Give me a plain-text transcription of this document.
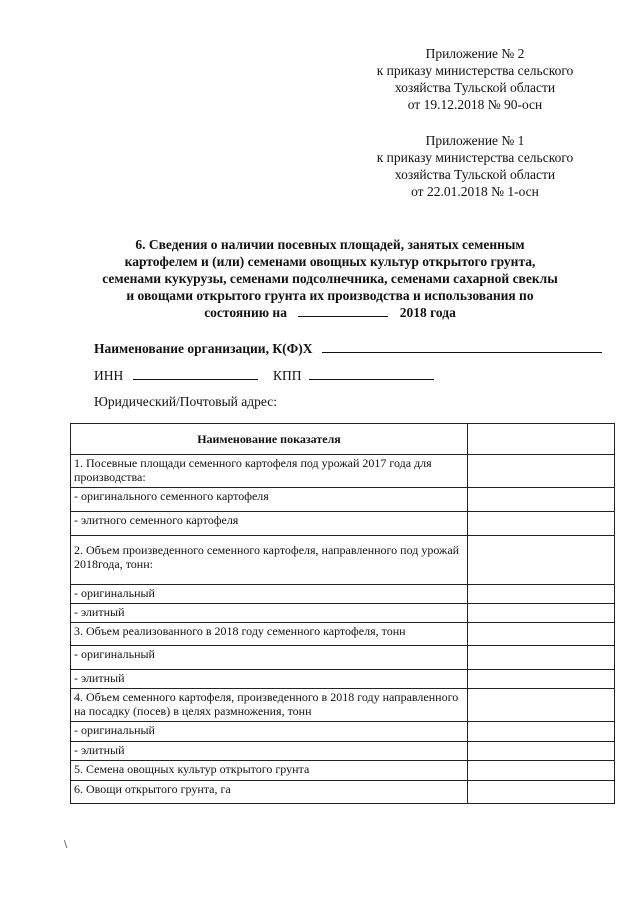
Приложение № 2
к приказу министерства сельского
хозяйства Тульской области
от 19.12.2018 № 90-осн
Приложение № 1
к приказу министерства сельского
хозяйства Тульской области
от 22.01.2018 № 1-осн
6. Сведения о наличии посевных площадей, занятых семенным
картофелем и (или) семенами овощных культур открытого грунта,
семенами кукурузы, семенами подсолнечника, семенами сахарной свеклы
и овощами открытого грунта их производства и использования по
состоянию на	2018 года
Наименование организации, К(Ф)Х
ИНН	КПП
Юридический/Почтовый адрес:
Наименование показателя	
1. Посевные площади семенного картофеля под урожай 2017 года для производства:	
- оригинального семенного картофеля	
- элитного семенного картофеля	
2. Объем произведенного семенного картофеля, направленного под урожай 2018года, тонн:	
- оригинальный	
- элитный	
3. Объем реализованного в 2018 году семенного картофеля, тонн	
- оригинальный	
- элитный	
4. Объем семенного картофеля, произведенного в 2018 году направленного на посадку (посев) в целях размножения, тонн	
- оригинальный	
- элитный	
5. Семена овощных культур открытого грунта	
6. Овощи открытого грунта, га	
∖
